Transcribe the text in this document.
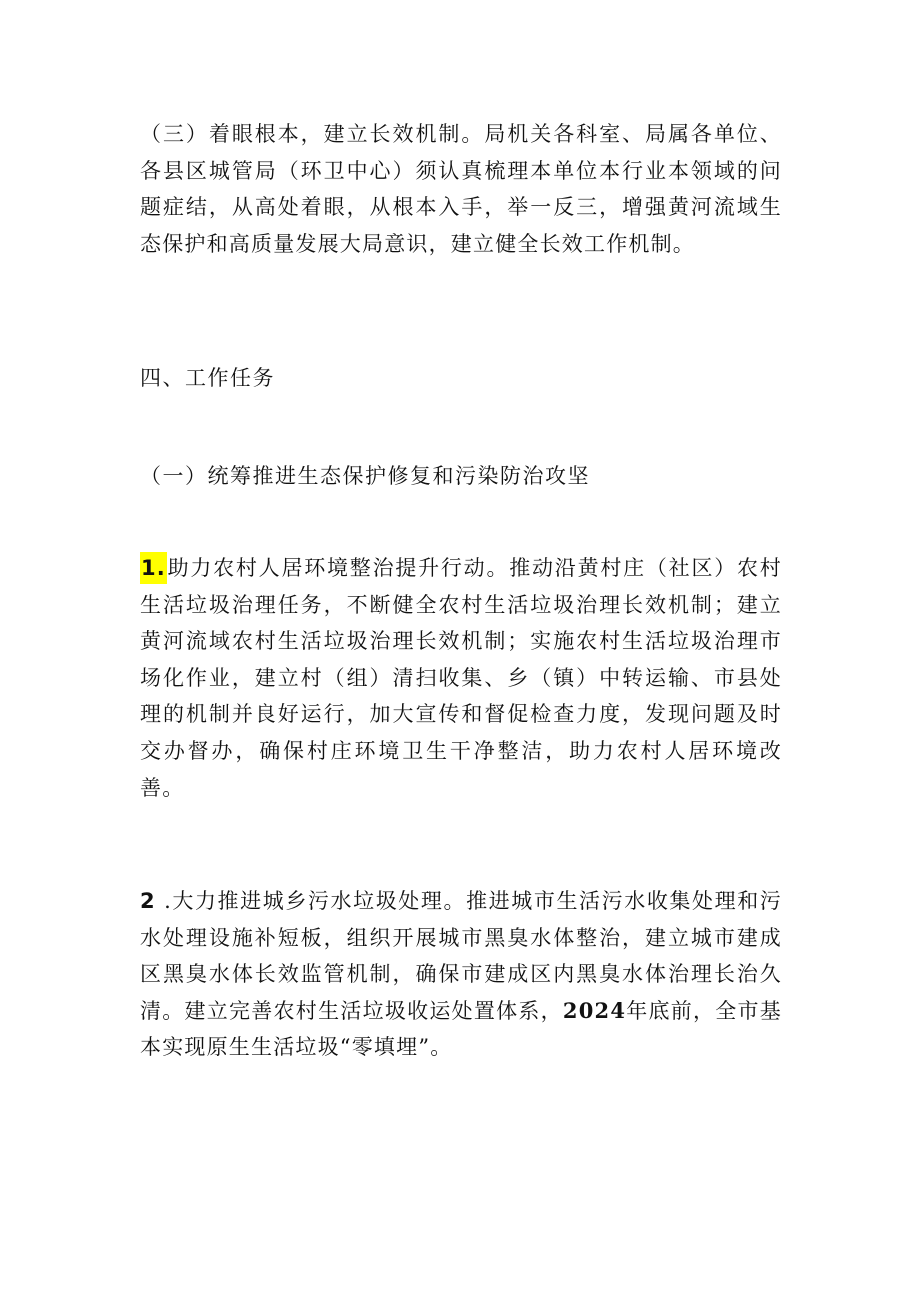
（三）着眼根本，建立长效机制。局机关各科室、局属各单位、各县区城管局（环卫中心）须认真梳理本单位本行业本领域的问题症结，从高处着眼，从根本入手，举一反三，增强黄河流域生态保护和高质量发展大局意识，建立健全长效工作机制。

四、工作任务

（一）统筹推进生态保护修复和污染防治攻坚

1.助力农村人居环境整治提升行动。推动沿黄村庄（社区）农村生活垃圾治理任务，不断健全农村生活垃圾治理长效机制；建立黄河流域农村生活垃圾治理长效机制；实施农村生活垃圾治理市场化作业，建立村（组）清扫收集、乡（镇）中转运输、市县处理的机制并良好运行，加大宣传和督促检查力度，发现问题及时交办督办，确保村庄环境卫生干净整洁，助力农村人居环境改善。

2 .大力推进城乡污水垃圾处理。推进城市生活污水收集处理和污水处理设施补短板，组织开展城市黑臭水体整治，建立城市建成区黑臭水体长效监管机制，确保市建成区内黑臭水体治理长治久清。建立完善农村生活垃圾收运处置体系，2024年底前，全市基本实现原生生活垃圾“零填埋”。
